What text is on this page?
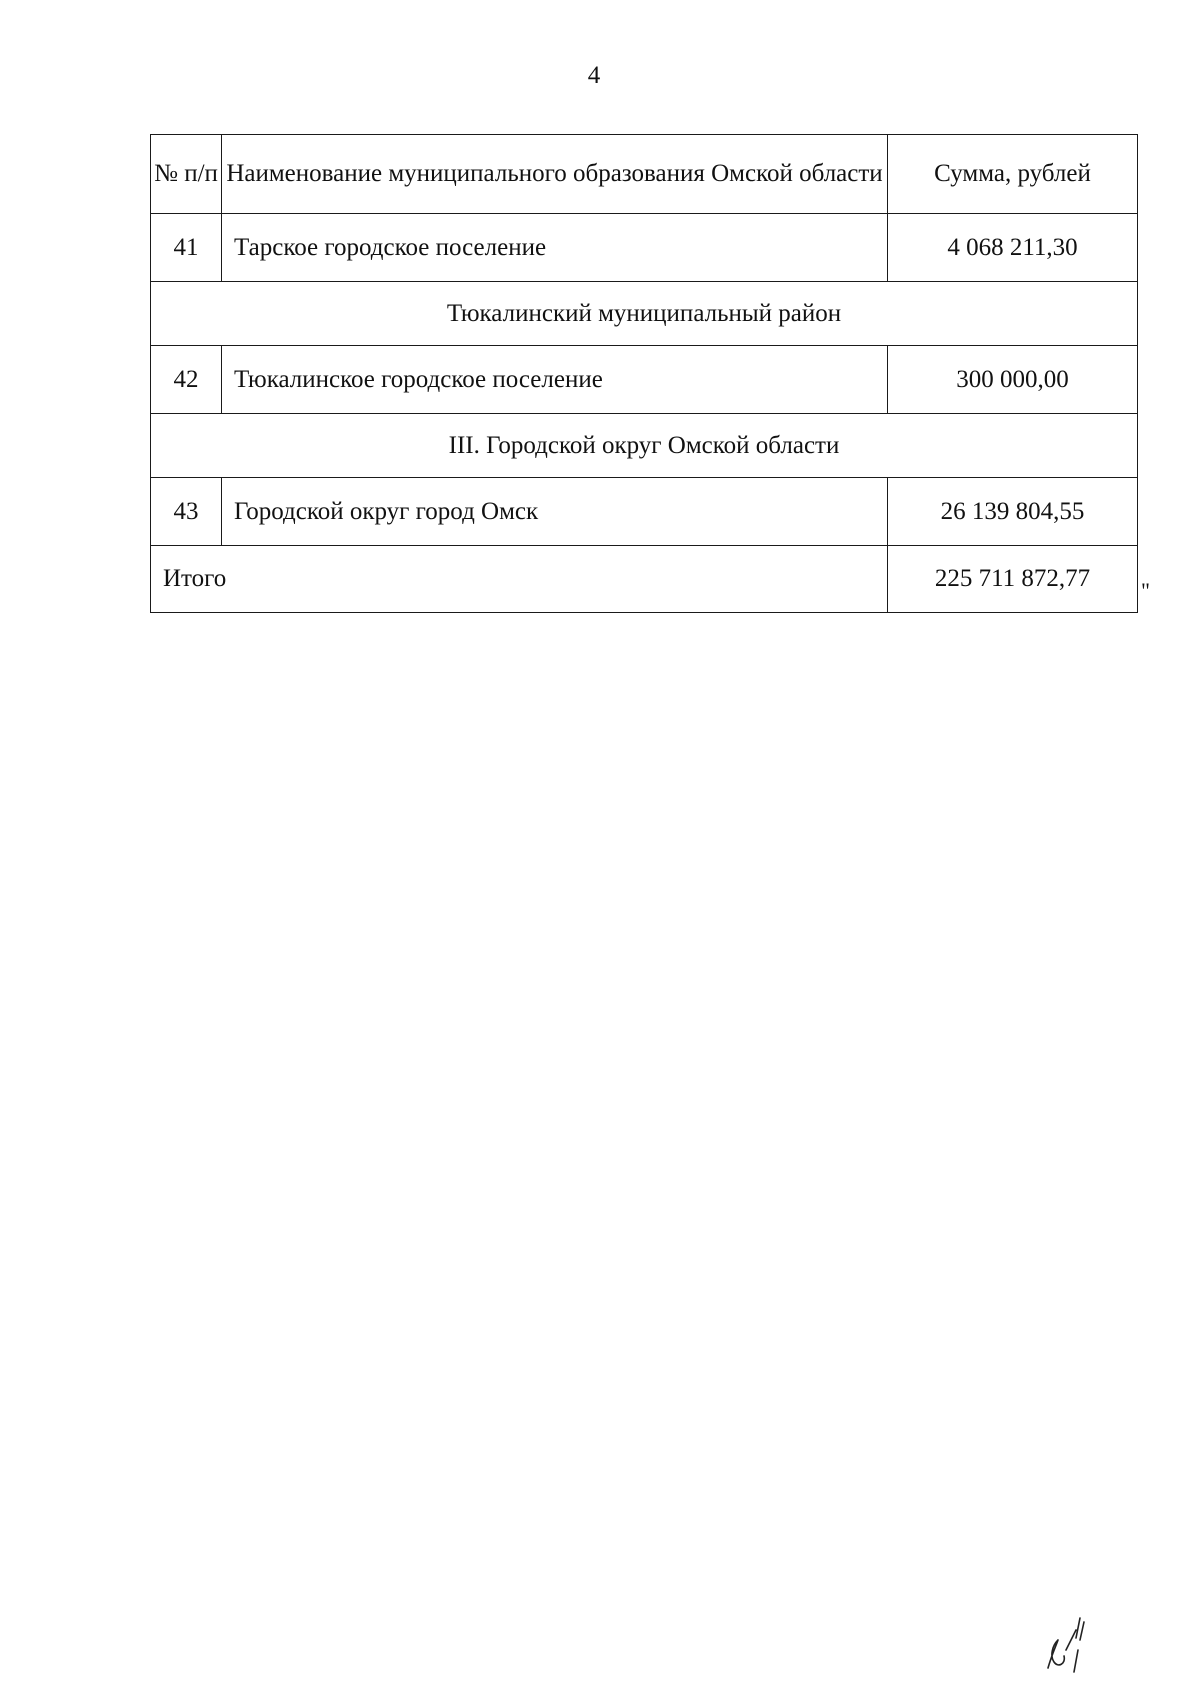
4
№ п/п	Наименование муниципального образования Омской области	Сумма, рублей
41	Тарское городское поселение	4 068 211,30
Тюкалинский муниципальный район		
42	Тюкалинское городское поселение	300 000,00
III. Городской округ Омской области		
43	Городской округ город Омск	26 139 804,55
Итого		225 711 872,77 "
